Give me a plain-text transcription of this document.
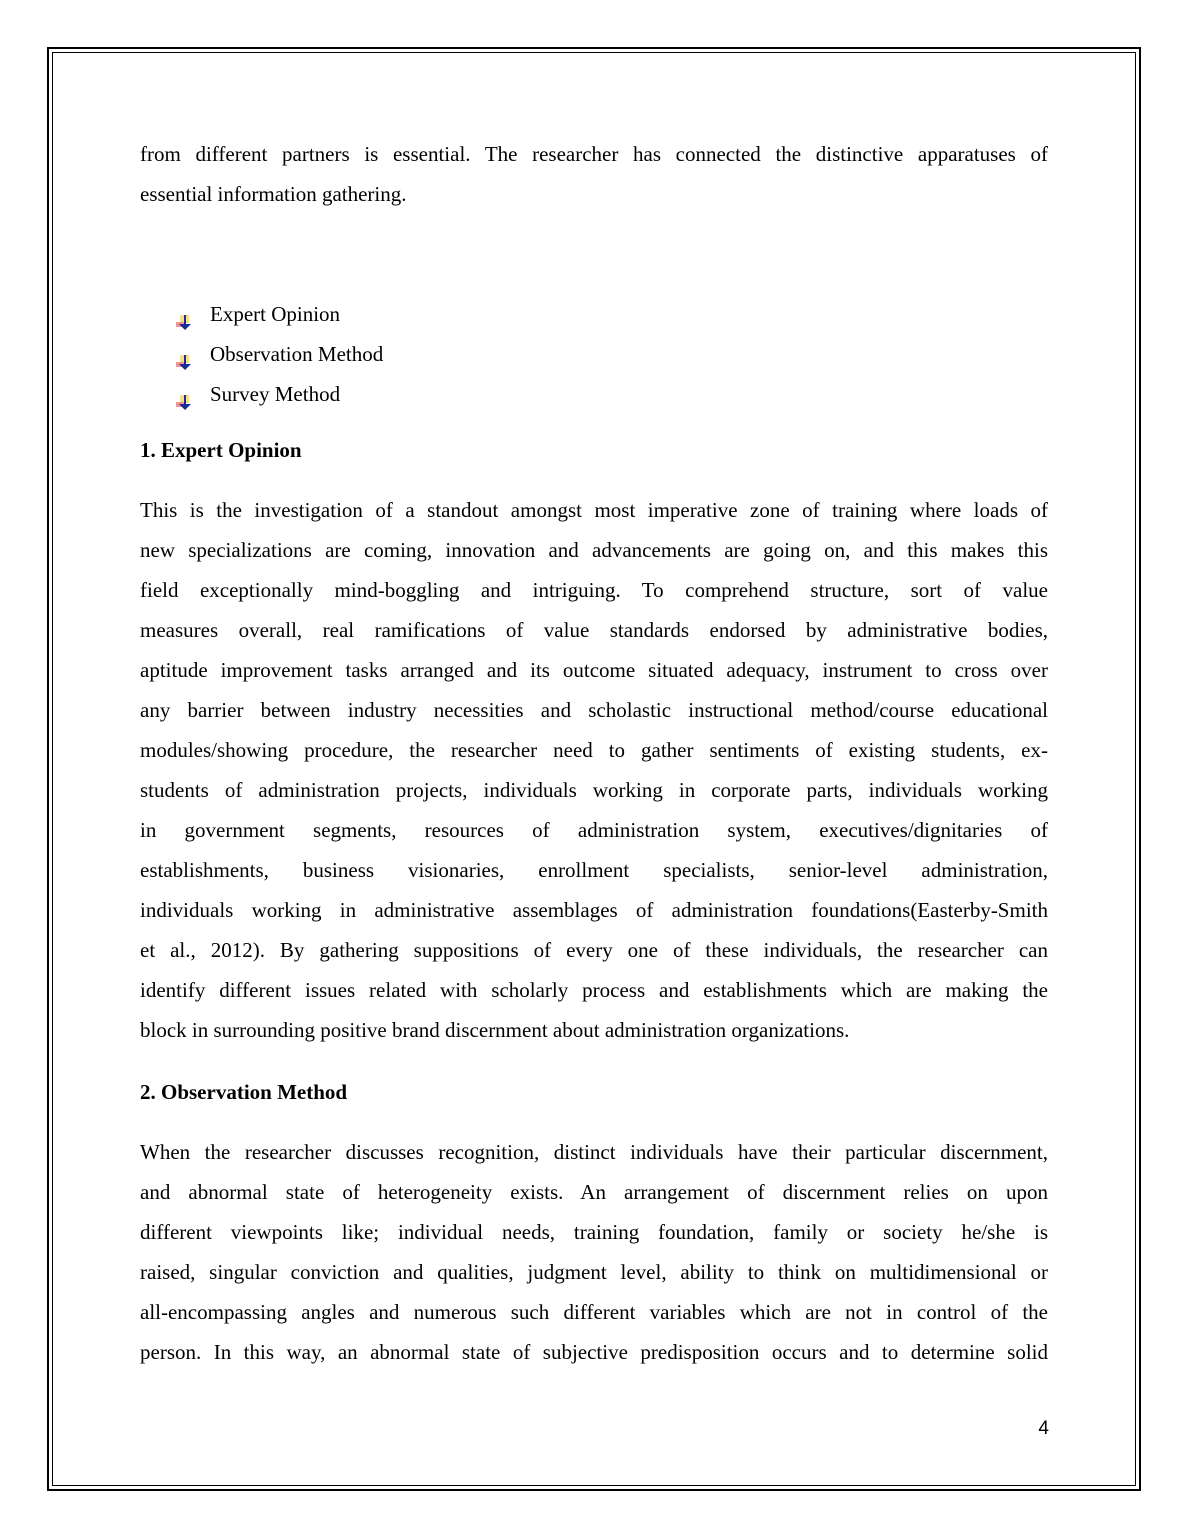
from different partners is essential. The researcher has connected the distinctive apparatuses of
essential information gathering.
Expert Opinion
Observation Method
Survey Method
1. Expert Opinion
This is the investigation of a standout amongst most imperative zone of training where loads of
new specializations are coming, innovation and advancements are going on, and this makes this
field exceptionally mind-boggling and intriguing. To comprehend structure, sort of value
measures overall, real ramifications of value standards endorsed by administrative bodies,
aptitude improvement tasks arranged and its outcome situated adequacy, instrument to cross over
any barrier between industry necessities and scholastic instructional method/course educational
modules/showing procedure, the researcher need to gather sentiments of existing students, ex-
students of administration projects, individuals working in corporate parts, individuals working
in government segments, resources of administration system, executives/dignitaries of
establishments, business visionaries, enrollment specialists, senior-level administration,
individuals working in administrative assemblages of administration foundations(Easterby-Smith
et al., 2012). By gathering suppositions of every one of these individuals, the researcher can
identify different issues related with scholarly process and establishments which are making the
block in surrounding positive brand discernment about administration organizations.
2. Observation Method
When the researcher discusses recognition, distinct individuals have their particular discernment,
and abnormal state of heterogeneity exists. An arrangement of discernment relies on upon
different viewpoints like; individual needs, training foundation, family or society he/she is
raised, singular conviction and qualities, judgment level, ability to think on multidimensional or
all-encompassing angles and numerous such different variables which are not in control of the
person. In this way, an abnormal state of subjective predisposition occurs and to determine solid
4
